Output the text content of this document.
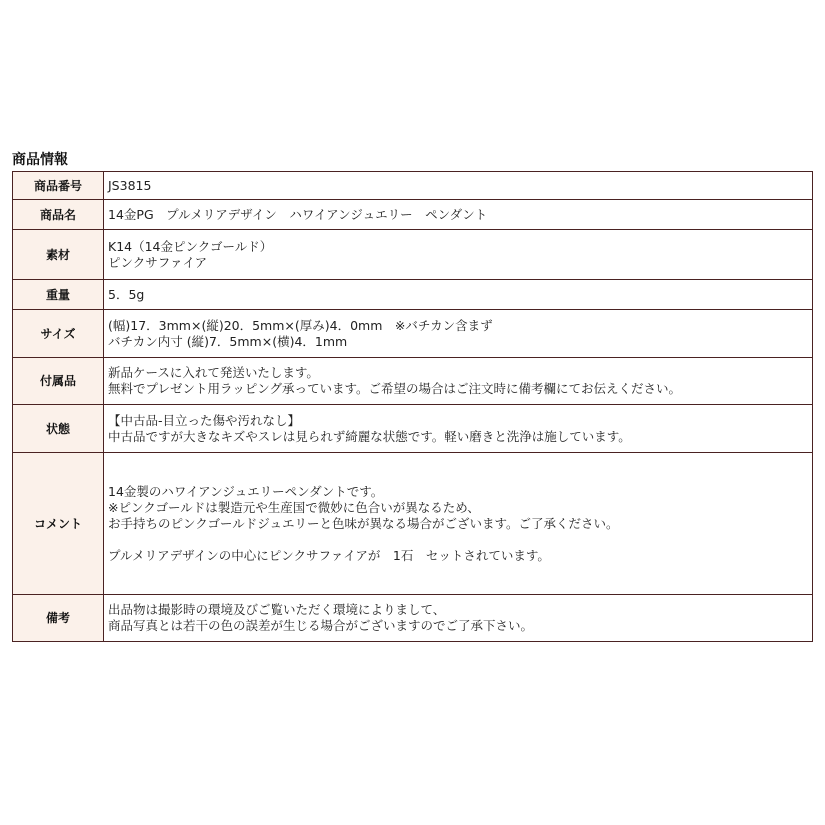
商品情報
商品番号	JS3815

商品名	14金PG　プルメリアデザイン　ハワイアンジュエリー　ペンダント

素材	K14（14金ピンクゴールド）
ピンクサファイア

重量	5．5g

サイズ	(幅)17．3mm×(縦)20．5mm×(厚み)4．0mm　※バチカン含まず
バチカン内寸 (縦)7．5mm×(横)4．1mm

付属品	新品ケースに入れて発送いたします。
無料でプレゼント用ラッピング承っています。ご希望の場合はご注文時に備考欄にてお伝えください。

状態	【中古品-目立った傷や汚れなし】
中古品ですが大きなキズやスレは見られず綺麗な状態です。軽い磨きと洗浄は施しています。

コメント	14金製のハワイアンジュエリーペンダントです。
※ピンクゴールドは製造元や生産国で微妙に色合いが異なるため、
お手持ちのピンクゴールドジュエリーと色味が異なる場合がございます。ご了承ください。
プルメリアデザインの中心にピンクサファイアが　1石　セットされています。

備考	出品物は撮影時の環境及びご覧いただく環境によりまして、
商品写真とは若干の色の誤差が生じる場合がございますのでご了承下さい。
